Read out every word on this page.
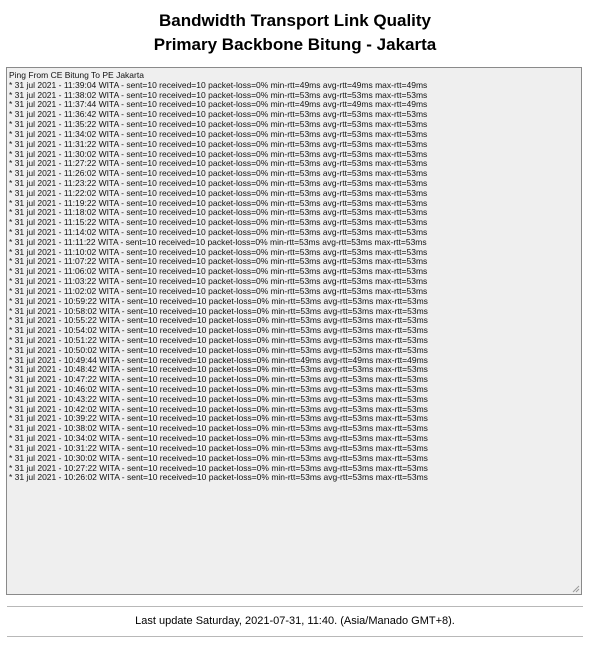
Bandwidth Transport Link Quality
Primary Backbone Bitung - Jakarta
Ping From CE Bitung To PE Jakarta
* 31 jul 2021 - 11:39:04 WITA - sent=10 received=10 packet-loss=0% min-rtt=49ms avg-rtt=49ms max-rtt=49ms
* 31 jul 2021 - 11:38:02 WITA - sent=10 received=10 packet-loss=0% min-rtt=53ms avg-rtt=53ms max-rtt=53ms
* 31 jul 2021 - 11:37:44 WITA - sent=10 received=10 packet-loss=0% min-rtt=49ms avg-rtt=49ms max-rtt=49ms
* 31 jul 2021 - 11:36:42 WITA - sent=10 received=10 packet-loss=0% min-rtt=53ms avg-rtt=53ms max-rtt=53ms
* 31 jul 2021 - 11:35:22 WITA - sent=10 received=10 packet-loss=0% min-rtt=53ms avg-rtt=53ms max-rtt=53ms
* 31 jul 2021 - 11:34:02 WITA - sent=10 received=10 packet-loss=0% min-rtt=53ms avg-rtt=53ms max-rtt=53ms
* 31 jul 2021 - 11:31:22 WITA - sent=10 received=10 packet-loss=0% min-rtt=53ms avg-rtt=53ms max-rtt=53ms
* 31 jul 2021 - 11:30:02 WITA - sent=10 received=10 packet-loss=0% min-rtt=53ms avg-rtt=53ms max-rtt=53ms
* 31 jul 2021 - 11:27:22 WITA - sent=10 received=10 packet-loss=0% min-rtt=53ms avg-rtt=53ms max-rtt=53ms
* 31 jul 2021 - 11:26:02 WITA - sent=10 received=10 packet-loss=0% min-rtt=53ms avg-rtt=53ms max-rtt=53ms
* 31 jul 2021 - 11:23:22 WITA - sent=10 received=10 packet-loss=0% min-rtt=53ms avg-rtt=53ms max-rtt=53ms
* 31 jul 2021 - 11:22:02 WITA - sent=10 received=10 packet-loss=0% min-rtt=53ms avg-rtt=53ms max-rtt=53ms
* 31 jul 2021 - 11:19:22 WITA - sent=10 received=10 packet-loss=0% min-rtt=53ms avg-rtt=53ms max-rtt=53ms
* 31 jul 2021 - 11:18:02 WITA - sent=10 received=10 packet-loss=0% min-rtt=53ms avg-rtt=53ms max-rtt=53ms
* 31 jul 2021 - 11:15:22 WITA - sent=10 received=10 packet-loss=0% min-rtt=53ms avg-rtt=53ms max-rtt=53ms
* 31 jul 2021 - 11:14:02 WITA - sent=10 received=10 packet-loss=0% min-rtt=53ms avg-rtt=53ms max-rtt=53ms
* 31 jul 2021 - 11:11:22 WITA - sent=10 received=10 packet-loss=0% min-rtt=53ms avg-rtt=53ms max-rtt=53ms
* 31 jul 2021 - 11:10:02 WITA - sent=10 received=10 packet-loss=0% min-rtt=53ms avg-rtt=53ms max-rtt=53ms
* 31 jul 2021 - 11:07:22 WITA - sent=10 received=10 packet-loss=0% min-rtt=53ms avg-rtt=53ms max-rtt=53ms
* 31 jul 2021 - 11:06:02 WITA - sent=10 received=10 packet-loss=0% min-rtt=53ms avg-rtt=53ms max-rtt=53ms
* 31 jul 2021 - 11:03:22 WITA - sent=10 received=10 packet-loss=0% min-rtt=53ms avg-rtt=53ms max-rtt=53ms
* 31 jul 2021 - 11:02:02 WITA - sent=10 received=10 packet-loss=0% min-rtt=53ms avg-rtt=53ms max-rtt=53ms
* 31 jul 2021 - 10:59:22 WITA - sent=10 received=10 packet-loss=0% min-rtt=53ms avg-rtt=53ms max-rtt=53ms
* 31 jul 2021 - 10:58:02 WITA - sent=10 received=10 packet-loss=0% min-rtt=53ms avg-rtt=53ms max-rtt=53ms
* 31 jul 2021 - 10:55:22 WITA - sent=10 received=10 packet-loss=0% min-rtt=53ms avg-rtt=53ms max-rtt=53ms
* 31 jul 2021 - 10:54:02 WITA - sent=10 received=10 packet-loss=0% min-rtt=53ms avg-rtt=53ms max-rtt=53ms
* 31 jul 2021 - 10:51:22 WITA - sent=10 received=10 packet-loss=0% min-rtt=53ms avg-rtt=53ms max-rtt=53ms
* 31 jul 2021 - 10:50:02 WITA - sent=10 received=10 packet-loss=0% min-rtt=53ms avg-rtt=53ms max-rtt=53ms
* 31 jul 2021 - 10:49:44 WITA - sent=10 received=10 packet-loss=0% min-rtt=49ms avg-rtt=49ms max-rtt=49ms
* 31 jul 2021 - 10:48:42 WITA - sent=10 received=10 packet-loss=0% min-rtt=53ms avg-rtt=53ms max-rtt=53ms
* 31 jul 2021 - 10:47:22 WITA - sent=10 received=10 packet-loss=0% min-rtt=53ms avg-rtt=53ms max-rtt=53ms
* 31 jul 2021 - 10:46:02 WITA - sent=10 received=10 packet-loss=0% min-rtt=53ms avg-rtt=53ms max-rtt=53ms
* 31 jul 2021 - 10:43:22 WITA - sent=10 received=10 packet-loss=0% min-rtt=53ms avg-rtt=53ms max-rtt=53ms
* 31 jul 2021 - 10:42:02 WITA - sent=10 received=10 packet-loss=0% min-rtt=53ms avg-rtt=53ms max-rtt=53ms
* 31 jul 2021 - 10:39:22 WITA - sent=10 received=10 packet-loss=0% min-rtt=53ms avg-rtt=53ms max-rtt=53ms
* 31 jul 2021 - 10:38:02 WITA - sent=10 received=10 packet-loss=0% min-rtt=53ms avg-rtt=53ms max-rtt=53ms
* 31 jul 2021 - 10:34:02 WITA - sent=10 received=10 packet-loss=0% min-rtt=53ms avg-rtt=53ms max-rtt=53ms
* 31 jul 2021 - 10:31:22 WITA - sent=10 received=10 packet-loss=0% min-rtt=53ms avg-rtt=53ms max-rtt=53ms
* 31 jul 2021 - 10:30:02 WITA - sent=10 received=10 packet-loss=0% min-rtt=53ms avg-rtt=53ms max-rtt=53ms
* 31 jul 2021 - 10:27:22 WITA - sent=10 received=10 packet-loss=0% min-rtt=53ms avg-rtt=53ms max-rtt=53ms
* 31 jul 2021 - 10:26:02 WITA - sent=10 received=10 packet-loss=0% min-rtt=53ms avg-rtt=53ms max-rtt=53ms
Last update Saturday, 2021-07-31, 11:40. (Asia/Manado GMT+8).
